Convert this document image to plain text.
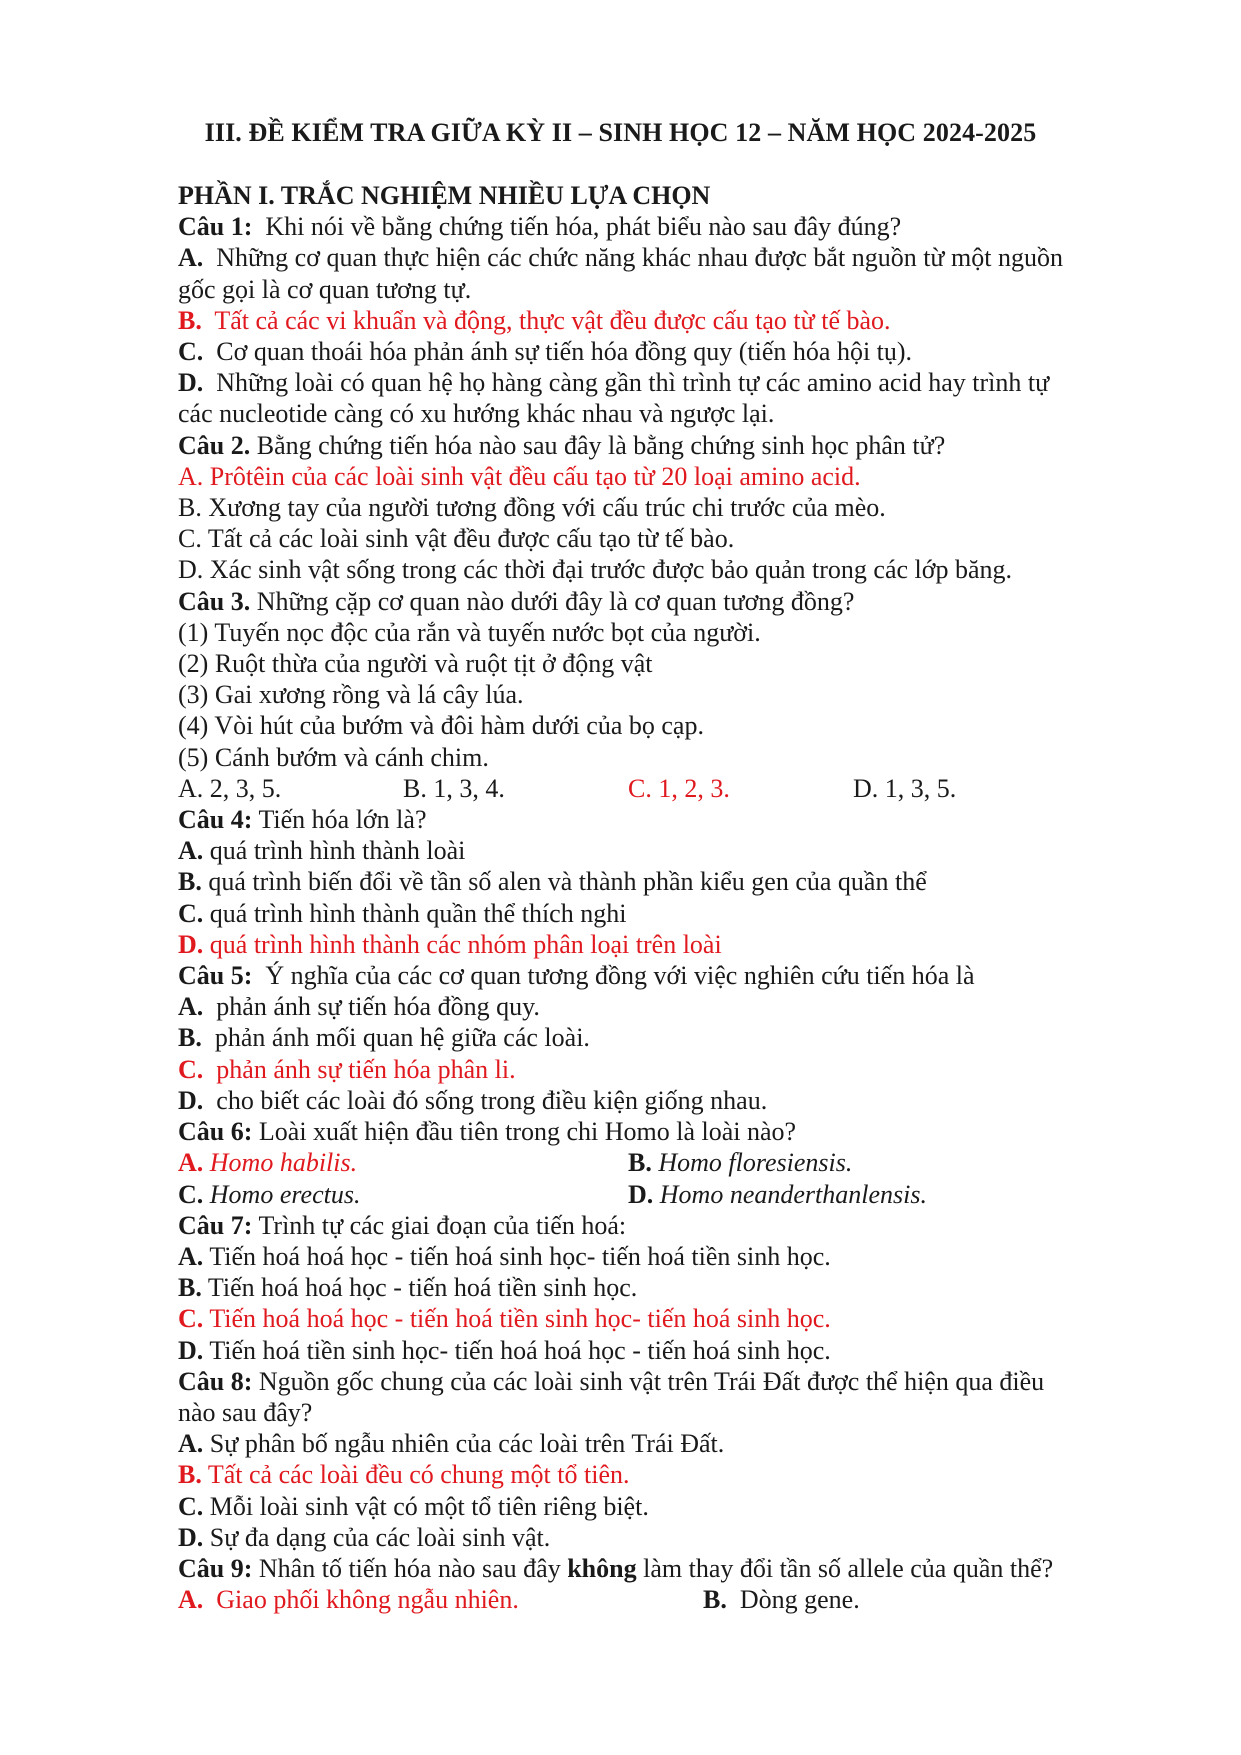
III. ĐỀ KIỂM TRA GIỮA KỲ II – SINH HỌC 12 – NĂM HỌC 2024-2025
PHẦN I. TRẮC NGHIỆM NHIỀU LỰA CHỌN
Câu 1: Khi nói về bằng chứng tiến hóa, phát biểu nào sau đây đúng?
A. Những cơ quan thực hiện các chức năng khác nhau được bắt nguồn từ một nguồn
gốc gọi là cơ quan tương tự.
B. Tất cả các vi khuẩn và động, thực vật đều được cấu tạo từ tế bào.
C. Cơ quan thoái hóa phản ánh sự tiến hóa đồng quy (tiến hóa hội tụ).
D. Những loài có quan hệ họ hàng càng gần thì trình tự các amino acid hay trình tự
các nucleotide càng có xu hướng khác nhau và ngược lại.
Câu 2. Bằng chứng tiến hóa nào sau đây là bằng chứng sinh học phân tử?
A. Prôtêin của các loài sinh vật đều cấu tạo từ 20 loại amino acid.
B. Xương tay của người tương đồng với cấu trúc chi trước của mèo.
C. Tất cả các loài sinh vật đều được cấu tạo từ tế bào.
D. Xác sinh vật sống trong các thời đại trước được bảo quản trong các lớp băng.
Câu 3. Những cặp cơ quan nào dưới đây là cơ quan tương đồng?
(1) Tuyến nọc độc của rắn và tuyến nước bọt của người.
(2) Ruột thừa của người và ruột tịt ở động vật
(3) Gai xương rồng và lá cây lúa.
(4) Vòi hút của bướm và đôi hàm dưới của bọ cạp.
(5) Cánh bướm và cánh chim.
A. 2, 3, 5.	B. 1, 3, 4.	C. 1, 2, 3.	D. 1, 3, 5.
Câu 4: Tiến hóa lớn là?
A. quá trình hình thành loài
B. quá trình biến đổi về tần số alen và thành phần kiểu gen của quần thể
C. quá trình hình thành quần thể thích nghi
D. quá trình hình thành các nhóm phân loại trên loài
Câu 5: Ý nghĩa của các cơ quan tương đồng với việc nghiên cứu tiến hóa là
A. phản ánh sự tiến hóa đồng quy.
B. phản ánh mối quan hệ giữa các loài.
C. phản ánh sự tiến hóa phân li.
D. cho biết các loài đó sống trong điều kiện giống nhau.
Câu 6: Loài xuất hiện đầu tiên trong chi Homo là loài nào?
A. Homo habilis.	B. Homo floresiensis.
C. Homo erectus.	D. Homo neanderthanlensis.
Câu 7: Trình tự các giai đoạn của tiến hoá:
A. Tiến hoá hoá học - tiến hoá sinh học- tiến hoá tiền sinh học.
B. Tiến hoá hoá học - tiến hoá tiền sinh học.
C. Tiến hoá hoá học - tiến hoá tiền sinh học- tiến hoá sinh học.
D. Tiến hoá tiền sinh học- tiến hoá hoá học - tiến hoá sinh học.
Câu 8: Nguồn gốc chung của các loài sinh vật trên Trái Đất được thể hiện qua điều
nào sau đây?
A. Sự phân bố ngẫu nhiên của các loài trên Trái Đất.
B. Tất cả các loài đều có chung một tổ tiên.
C. Mỗi loài sinh vật có một tổ tiên riêng biệt.
D. Sự đa dạng của các loài sinh vật.
Câu 9: Nhân tố tiến hóa nào sau đây không làm thay đổi tần số allele của quần thể?
A. Giao phối không ngẫu nhiên.	B. Dòng gene.
